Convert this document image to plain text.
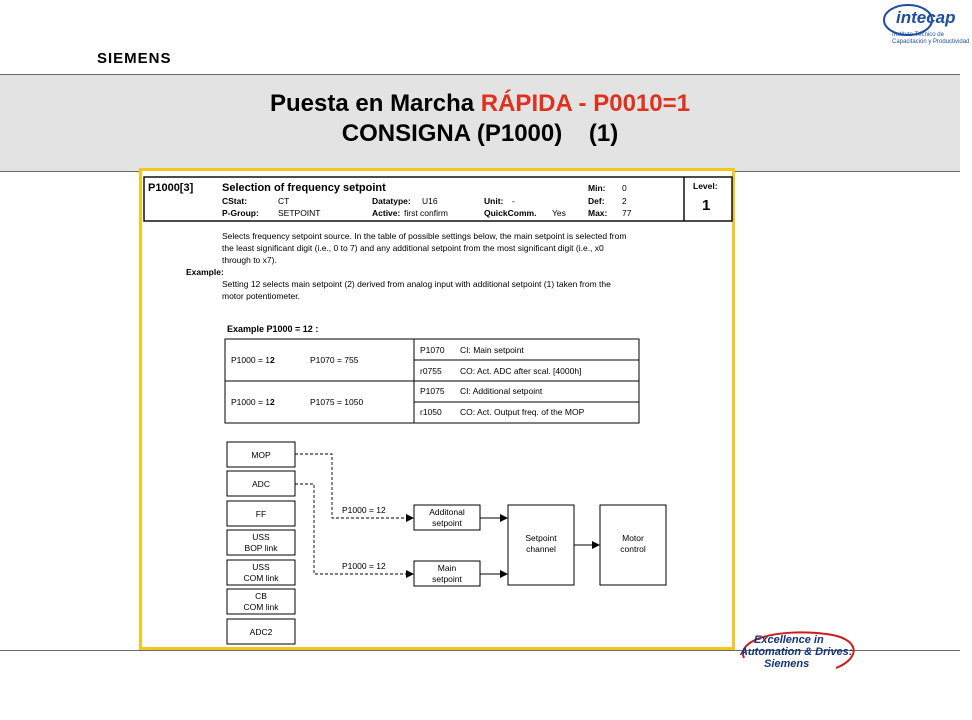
SIEMENS
intecap
Instituto Técnico de
Capacitación y Productividad
Puesta en Marcha RÁPIDA - P0010=1
CONSIGNA (P1000)    (1)
P1000[3]	Selection of frequency setpoint
CStat:	CT
P-Group: SETPOINT
Datatype: U16
Active: first confirm
Unit: -
QuickComm. Yes
Min: 0
Def: 2
Max: 77
Level:
1
Selects frequency setpoint source. In the table of possible settings below, the main setpoint is selected from
the least significant digit (i.e., 0 to 7) and any additional setpoint from the most significant digit (i.e., x0
through to x7).
Example:
Setting 12 selects main setpoint (2) derived from analog input with additional setpoint (1) taken from the
motor potentiometer.
Example P1000 = 12 :
P1000 = 12	P1070 = 755
P1070 CI: Main setpoint
r0755 CO: Act. ADC after scal. [4000h]
P1000 = 12	P1075 = 1050
P1075 CI: Additional setpoint
r1050 CO: Act. Output freq. of the MOP
MOP
ADC
FF
USS
BOP link
USS
COM link
CB
COM link
ADC2
P1000 = 12
P1000 = 12
Additonal
setpoint
Main
setpoint
Setpoint
channel
Motor
control
Excellence in
Automation & Drives:
Siemens
